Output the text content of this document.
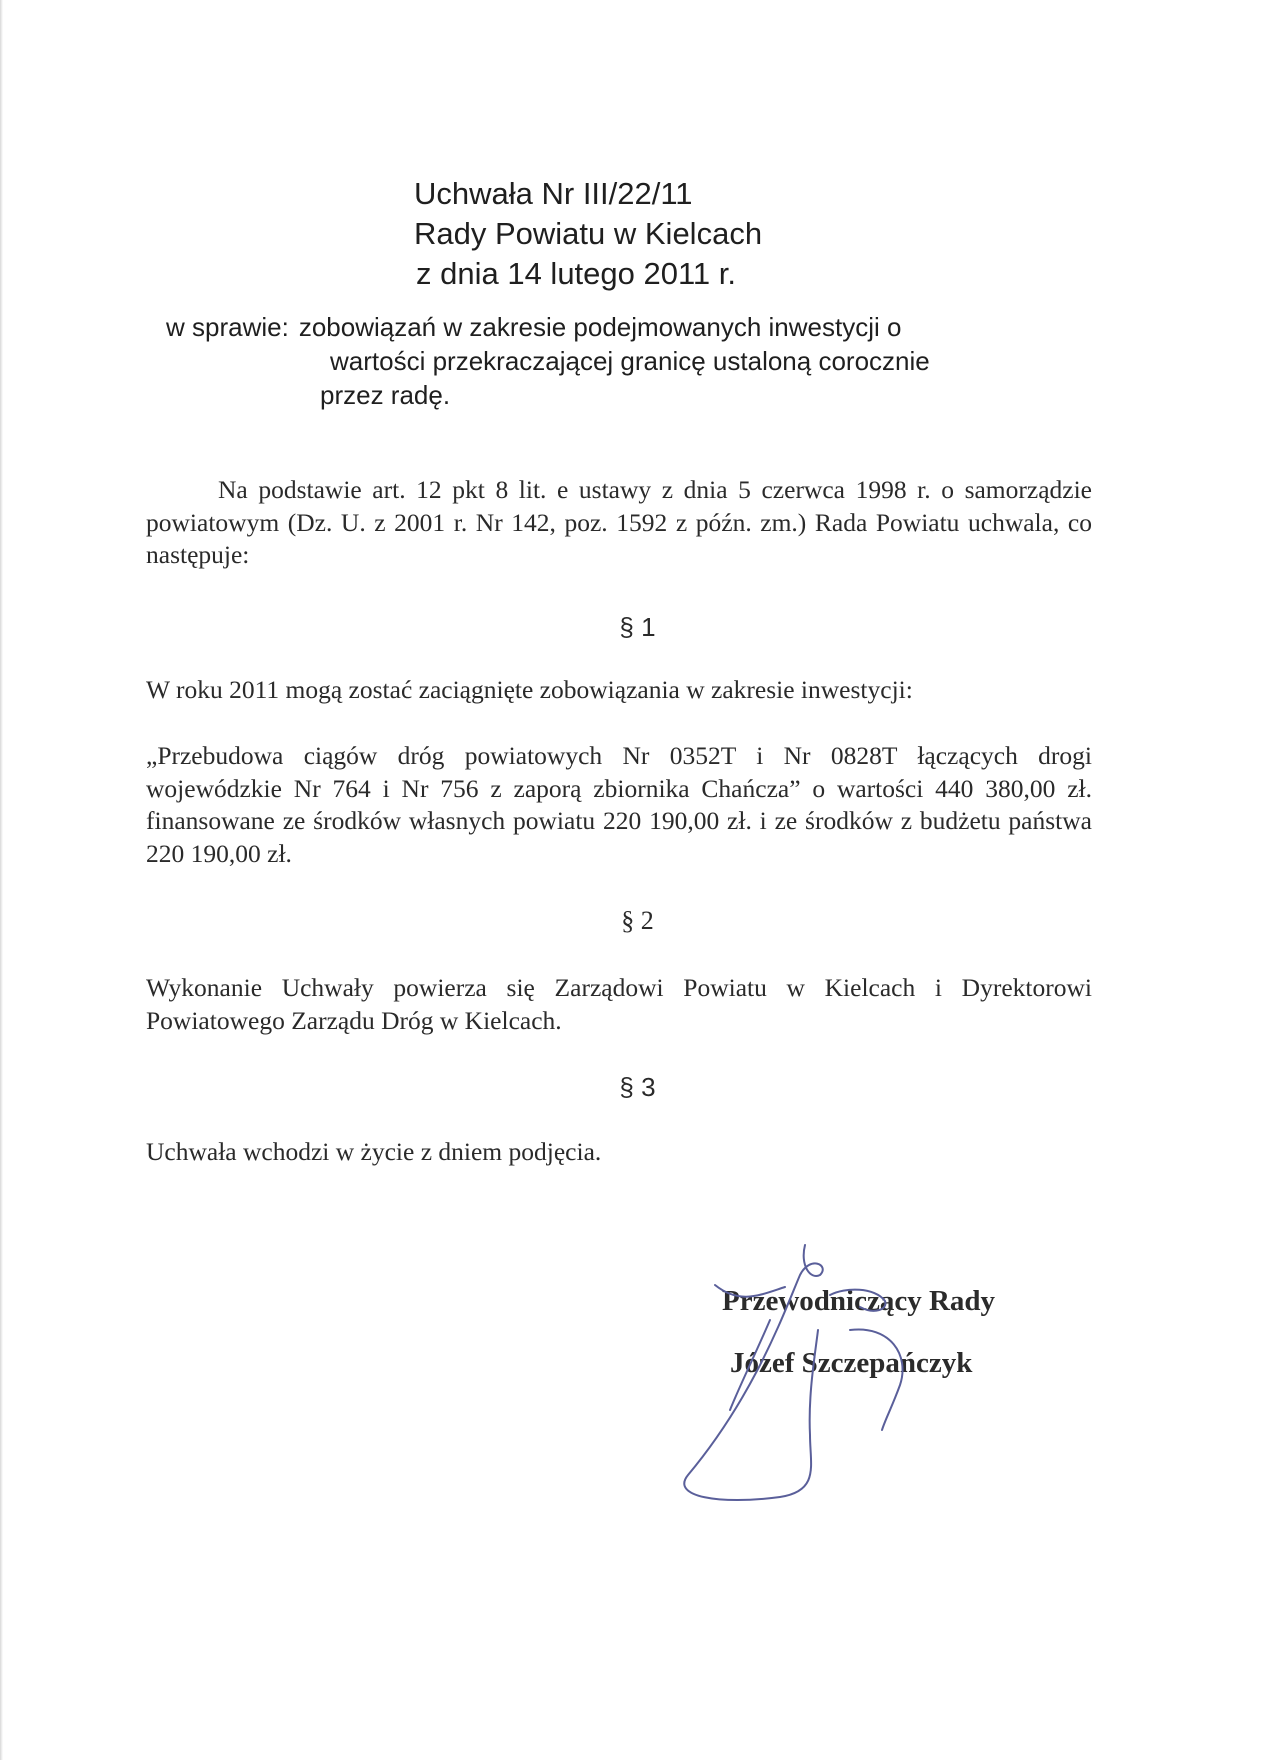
Uchwała Nr III/22/11
Rady Powiatu w Kielcach
z dnia 14 lutego 2011 r.
w sprawie: zobowiązań w zakresie podejmowanych inwestycji o
wartości przekraczającej granicę ustaloną corocznie
przez radę.
Na podstawie art. 12 pkt 8 lit. e ustawy z dnia 5 czerwca 1998 r. o samorządzie powiatowym (Dz. U. z 2001 r. Nr 142, poz. 1592 z późn. zm.) Rada Powiatu uchwala, co następuje:
§ 1
W roku 2011 mogą zostać zaciągnięte zobowiązania w zakresie inwestycji:
„Przebudowa ciągów dróg powiatowych Nr 0352T i Nr 0828T łączących drogi wojewódzkie Nr 764 i Nr 756 z zaporą zbiornika Chańcza” o wartości 440 380,00 zł. finansowane ze środków własnych powiatu 220 190,00 zł. i ze środków z budżetu państwa 220 190,00 zł.
§ 2
Wykonanie Uchwały powierza się Zarządowi Powiatu w Kielcach i Dyrektorowi Powiatowego Zarządu Dróg w Kielcach.
§ 3
Uchwała wchodzi w życie z dniem podjęcia.
Przewodniczący Rady
Józef Szczepańczyk
